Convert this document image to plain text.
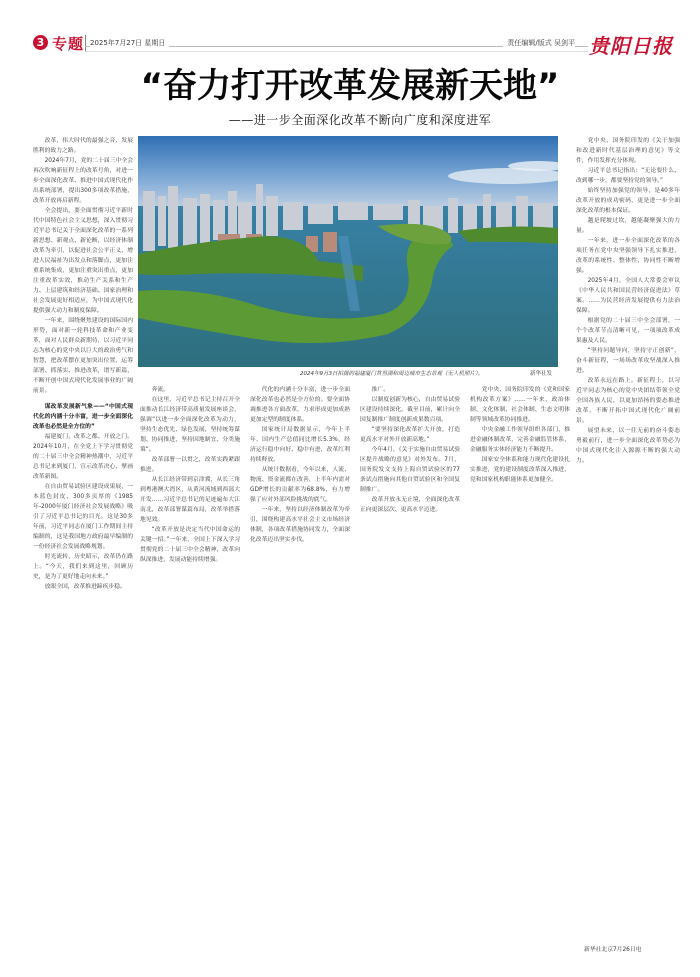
3 专题 2025年7月27日 星期日	责任编辑/版式 吴剑平 贵阳日报
“奋力打开改革发展新天地”
——进一步全面深化改革不断向广度和深度进军
2024年9月3日拍摄的福建厦门筼筜湖和周边城市生态景观（无人机照片）。	新华社发

改革，伟大时代的最强之音，发展胜利的致力之路。

2024年7月，党的二十届三中全会再次吹响新征程上的改革号角，对进一步全面深化改革、推进中国式现代化作出系统部署，提出300多项改革措施，改革开放再启新程。

全会提出，要全面贯彻习近平新时代中国特色社会主义思想，深入贯彻习近平总书记关于全面深化改革的一系列新思想、新观点、新论断，以经济体制改革为牵引，以促进社会公平正义、增进人民福祉为出发点和落脚点，更加注重系统集成，更加注重突出重点，更加注重改革实效，推动生产关系和生产力、上层建筑和经济基础、国家治理和社会发展更好相适应，为中国式现代化提供强大动力和制度保障。

一年来，围绕聚焦建设的国际国内形势，面对新一轮科技革命和产业变革，面对人民群众新期待，以习近平同志为核心的党中央以巨大的政治勇气和智慧，把改革摆在更加突出位置，运筹部署、抓落实、推进改革，谱写新篇，不断开创中国式现代化发展事业的广阔前景。

谋改革发展新气象——“中国式现代化的内涵十分丰富，进一步全面深化改革也必然是全方位的”

福建厦门，改革之都、开放之门。2024年10月，在全党上下学习贯彻党的二十届三中全会精神热潮中，习近平总书记来到厦门，宣示改革决心、擘画改革新图。

在自由贸易试验区建设成果展，一本蓝色封皮、300多页厚的《1985年-2000年厦门经济社会发展战略》吸引了习近平总书记的目光。这是30多年前，习近平同志在厦门工作期间主持编制的，这是我国地方政府最早编制的一份经济社会发展战略规划。

时光流转，历史昭示，改革仍在路上。“今天，我们来到这里，回顾历史，是为了更好地走向未来。”

放眼全国，改革推进蹄疾步稳。

奔流。

在这里，习近平总书记主持召开全面推动长江经济带高质量发展座谈会，强调“以进一步全面深化改革为动力，坚持生态优先、绿色发展，坚持统筹谋划、协同推进，坚持因地制宜、分类施策”。

改革部署一以贯之，改革实践紧跟推进。

从长江经济带到京津冀，从长三角到粤港澳大湾区，从黄河流域到西部大开发……习近平总书记的足迹遍布大江南北，改革部署谋篇布局，改革举措落地见效。

“改革开放是决定当代中国命运的关键一招。”一年来，全国上下深入学习贯彻党的二十届三中全会精神，改革向纵深推进，发展动能持续增强。

代化的内涵十分丰富，进一步全面深化改革也必然是全方位的。要全面协调推进各方面改革，力求形成更加成熟更加定型的制度体系。

国家统计局数据显示，今年上半年，国内生产总值同比增长5.3%，经济运行稳中向好、稳中有进，改革红利持续释放。

从统计数据看，今年以来，人流、物流、资金流都在改善，上半年内需对GDP增长的贡献率为68.8%，有力增强了应对外部风险挑战的底气。

一年来，坚持以经济体制改革为牵引，围绕构建高水平社会主义市场经济体制，各项改革措施协同发力，全面深化改革迈出坚实步伐。

推广。

以制度创新为核心，自由贸易试验区建设持续深化。截至目前，累计向全国复制推广制度创新成果数百项。

“要坚持深化改革扩大开放，打造更高水平对外开放新高地。”

今年4月，《关于实施自由贸易试验区提升战略的意见》对外发布。7月，国务院发文支持上海自贸试验区的77条试点措施向其他自贸试验区和全国复制推广。

改革开放永无止境，全面深化改革正向更深层次、更高水平迈进。

党中央、国务院印发的《党和国家机构改革方案》……一年来，政治体制、文化体制、社会体制、生态文明体制等领域改革协同推进。

中央金融工作领导组织各部门，推进金融体制改革，完善金融监管体系，金融服务实体经济能力不断提升。

国家安全体系和能力现代化建设扎实推进，党的建设制度改革深入推进，党和国家机构职能体系更加健全。

党中央、国务院印发的《关于加强和改进新时代基层治理的意见》等文件，作用发挥充分体现。

习近平总书记指出：“无论要什么、改到哪一步，都要坚持党的领导。”

始终坚持加强党的领导，是40多年改革开放的成功密码，更是进一步全面深化改革的根本保证。

越是爬坡过坎，越能凝聚强大的力量。

一年来，进一步全面深化改革的各项任务在党中央坚强领导下扎实推进，改革的系统性、整体性、协同性不断增强。

2025年4月，全国人大常委会审议《中华人民共和国民营经济促进法》草案，……为民营经济发展提供有力法治保障。

根据党的二十届三中全会部署，一个个改革节点清晰可见，一项项改革成果惠及人民。

“坚持问题导向，坚持守正创新”，奋斗新征程，一场场改革攻坚战深入推进。

改革永远在路上。新征程上，以习近平同志为核心的党中央团结带领全党全国各族人民，以更加昂扬的姿态推进改革，不断开拓中国式现代化广阔前景。

展望未来，以一往无前的奋斗姿态勇毅前行，进一步全面深化改革势必为中国式现代化注入源源不断的强大动力。

新华社北京7月26日电
